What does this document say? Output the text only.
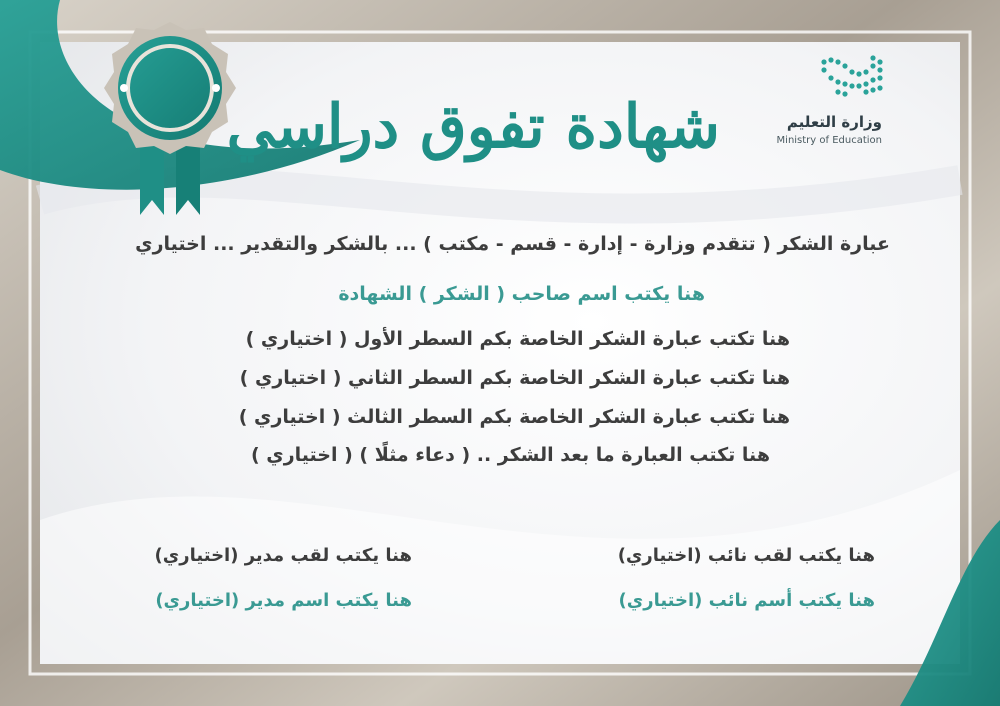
وزارة التعليم
Ministry of Education
شهادة تفوق دراسي
عبارة الشكر ( تتقدم وزارة - إدارة - قسم - مكتب ) ... بالشكر والتقدير ... اختياري
هنا يكتب اسم صاحب ( الشكر ) الشهادة
هنا تكتب عبارة الشكر الخاصة بكم السطر الأول ( اختياري )
هنا تكتب عبارة الشكر الخاصة بكم السطر الثاني ( اختياري )
هنا تكتب عبارة الشكر الخاصة بكم السطر الثالث ( اختياري )
هنا تكتب العبارة ما بعد الشكر .. ( دعاء مثلًا ) ( اختياري )
هنا يكتب لقب نائب (اختياري)
هنا يكتب أسم نائب (اختياري)
هنا يكتب لقب مدير (اختياري)
هنا يكتب اسم مدير (اختياري)
